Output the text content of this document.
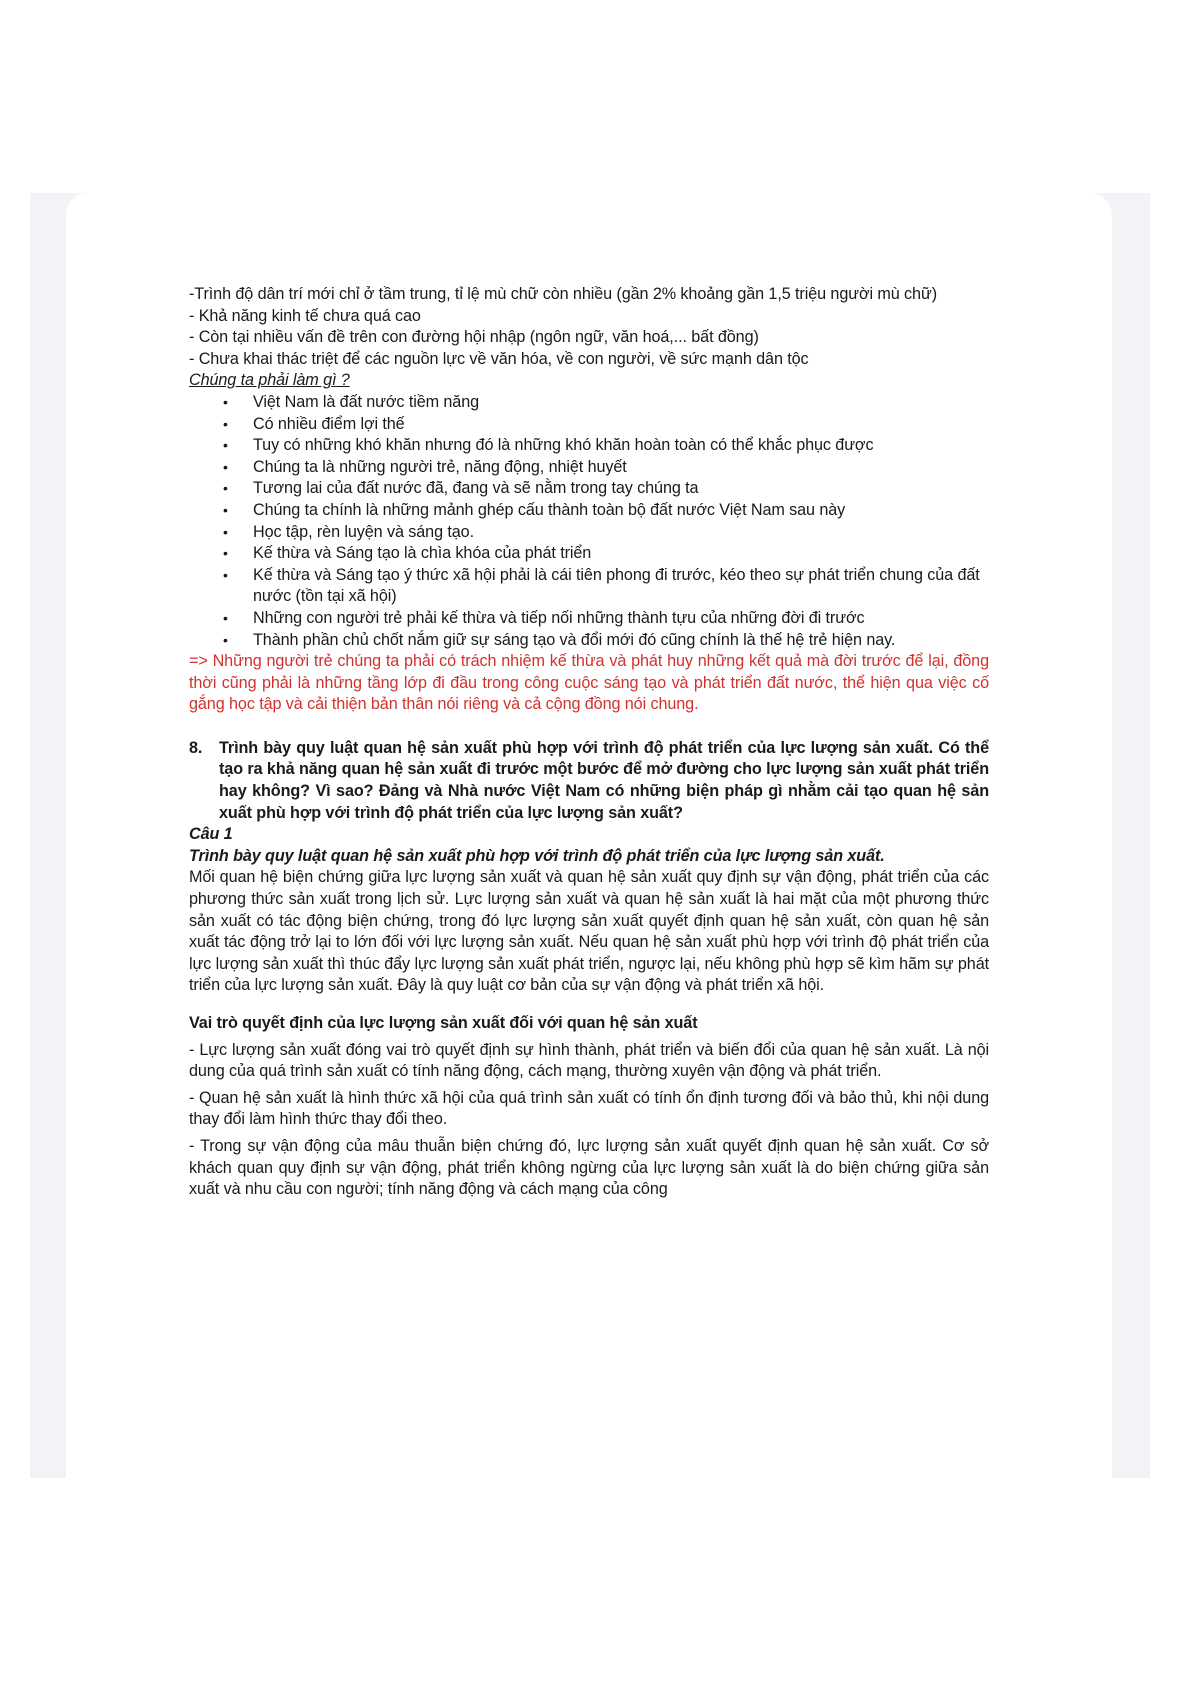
-Trình độ dân trí mới chỉ ở tầm trung, tỉ lệ mù chữ còn nhiều (gần 2% khoảng gần 1,5 triệu người mù chữ)

- Khả năng kinh tế chưa quá cao

- Còn tại nhiều vấn đề trên con đường hội nhập (ngôn ngữ, văn hoá,... bất đồng)

- Chưa khai thác triệt để các nguồn lực về văn hóa, về con người, về sức mạnh dân tộc

Chúng ta phải làm gì ?

• Việt Nam là đất nước tiềm năng
• Có nhiều điểm lợi thế
• Tuy có những khó khăn nhưng đó là những khó khăn hoàn toàn có thể khắc phục được
• Chúng ta là những người trẻ, năng động, nhiệt huyết
• Tương lai của đất nước đã, đang và sẽ nằm trong tay chúng ta
• Chúng ta chính là những mảnh ghép cấu thành toàn bộ đất nước Việt Nam sau này
• Học tập, rèn luyện và sáng tạo.
• Kế thừa và Sáng tạo là chìa khóa của phát triển
• Kế thừa và Sáng tạo ý thức xã hội phải là cái tiên phong đi trước, kéo theo sự phát triển chung của đất nước (tồn tại xã hội)
• Những con người trẻ phải kế thừa và tiếp nối những thành tựu của những đời đi trước
• Thành phần chủ chốt nắm giữ sự sáng tạo và đổi mới đó cũng chính là thế hệ trẻ hiện nay.

=> Những người trẻ chúng ta phải có trách nhiệm kế thừa và phát huy những kết quả mà đời trước để lại, đồng thời cũng phải là những tầng lớp đi đầu trong công cuộc sáng tạo và phát triển đất nước, thể hiện qua việc cố gắng học tập và cải thiện bản thân nói riêng và cả cộng đồng nói chung.

8.	Trình bày quy luật quan hệ sản xuất phù hợp với trình độ phát triển của lực lượng sản xuất. Có thể tạo ra khả năng quan hệ sản xuất đi trước một bước để mở đường cho lực lượng sản xuất phát triển hay không? Vì sao? Đảng và Nhà nước Việt Nam có những biện pháp gì nhằm cải tạo quan hệ sản xuất phù hợp với trình độ phát triển của lực lượng sản xuất?

Câu 1

Trình bày quy luật quan hệ sản xuất phù hợp với trình độ phát triển của lực lượng sản xuất.

Mối quan hệ biện chứng giữa lực lượng sản xuất và quan hệ sản xuất quy định sự vận động, phát triển của các phương thức sản xuất trong lịch sử. Lực lượng sản xuất và quan hệ sản xuất là hai mặt của một phương thức sản xuất có tác động biện chứng, trong đó lực lượng sản xuất quyết định quan hệ sản xuất, còn quan hệ sản xuất tác động trở lại to lớn đối với lực lượng sản xuất. Nếu quan hệ sản xuất phù hợp với trình độ phát triển của lực lượng sản xuất thì thúc đẩy lực lượng sản xuất phát triển, ngược lại, nếu không phù hợp sẽ kìm hãm sự phát triển của lực lượng sản xuất. Đây là quy luật cơ bản của sự vận động và phát triển xã hội.

Vai trò quyết định của lực lượng sản xuất đối với quan hệ sản xuất

- Lực lượng sản xuất đóng vai trò quyết định sự hình thành, phát triển và biến đổi của quan hệ sản xuất. Là nội dung của quá trình sản xuất có tính năng động, cách mạng, thường xuyên vận động và phát triển.

- Quan hệ sản xuất là hình thức xã hội của quá trình sản xuất có tính ổn định tương đối và bảo thủ, khi nội dung thay đổi làm hình thức thay đổi theo.

- Trong sự vận động của mâu thuẫn biện chứng đó, lực lượng sản xuất quyết định quan hệ sản xuất. Cơ sở khách quan quy định sự vận động, phát triển không ngừng của lực lượng sản xuất là do biện chứng giữa sản xuất và nhu cầu con người; tính năng động và cách mạng của công
